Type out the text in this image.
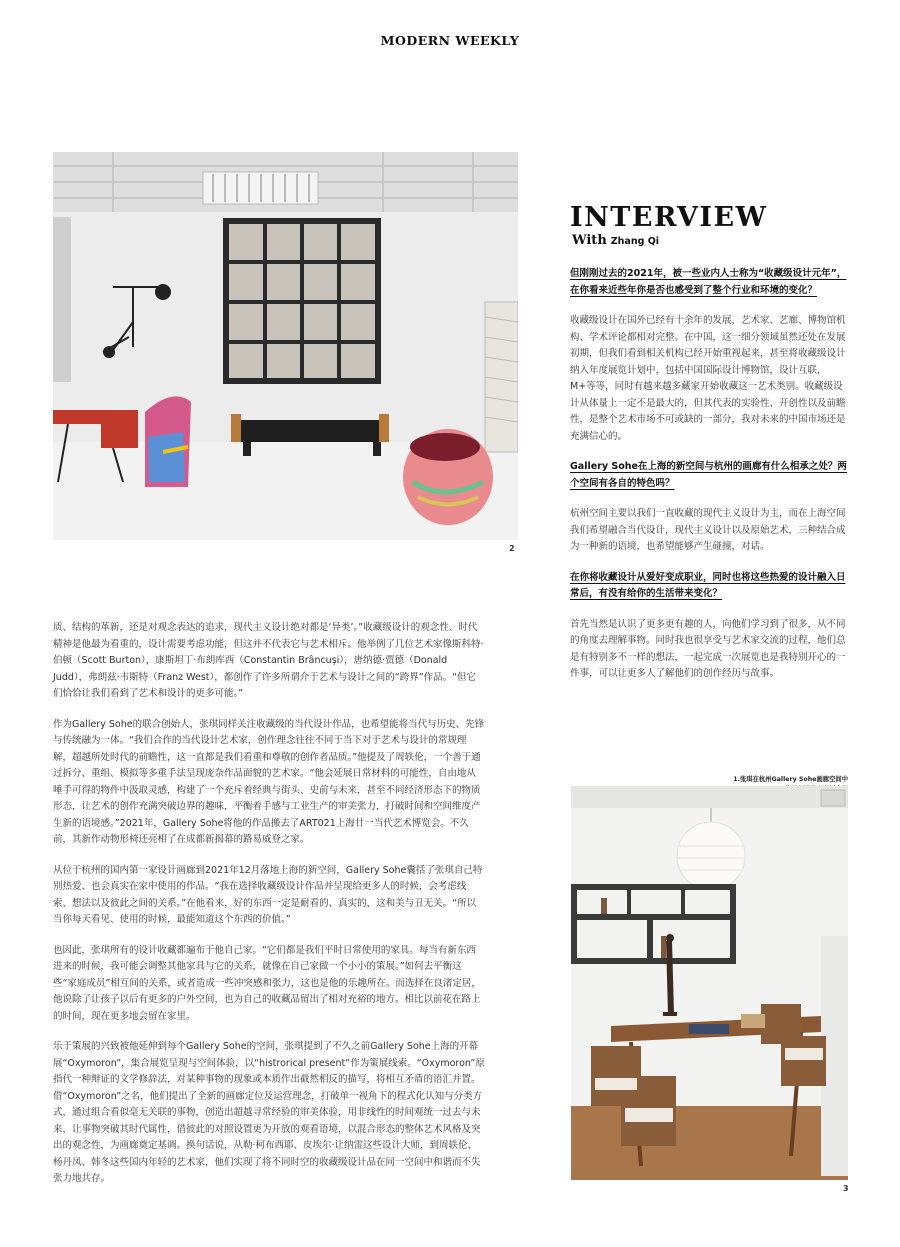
MODERN WEEKLY
2
INTERVIEW
With Zhang Qi

但刚刚过去的2021年，被一些业内人士称为“收藏级设计元年”，在你看来近些年你是否也感受到了整个行业和环境的变化？

收藏级设计在国外已经有十余年的发展，艺术家、艺廊、博物馆机构、学术评论都相对完整。在中国，这一细分领域虽然还处在发展初期，但我们看到相关机构已经开始重视起来，甚至将收藏级设计纳入年度展览计划中，包括中国国际设计博物馆，设计互联，M+等等，同时有越来越多藏家开始收藏这一艺术类别。收藏级设计从体量上一定不是最大的，但其代表的实验性、开创性以及前瞻性，是整个艺术市场不可或缺的一部分，我对未来的中国市场还是充满信心的。

Gallery Sohe在上海的新空间与杭州的画廊有什么相承之处？两个空间有各自的特色吗？

杭州空间主要以我们一直收藏的现代主义设计为主，而在上海空间我们希望融合当代设计，现代主义设计以及原始艺术，三种结合成为一种新的语境，也希望能够产生碰撞，对话。

在你将收藏设计从爱好变成职业，同时也将这些热爱的设计融入日常后，有没有给你的生活带来变化？

首先当然是认识了更多更有趣的人，向他们学习到了很多，从不同的角度去理解事物。同时我也很享受与艺术家交流的过程，他们总是有特别多不一样的想法，一起完成一次展览也是我特别开心的一件事，可以让更多人了解他们的创作经历与故事。

质、结构的革新，还是对观念表达的追求，现代主义设计绝对都是‘异类’。”收藏级设计的观念性、时代精神是他最为看重的，设计需要考虑功能，但这并不代表它与艺术相斥。他举例了几位艺术家像斯科特·伯顿（Scott Burton），康斯坦丁·布朗库西（Constantin Brâncuși），唐纳德·贾德（Donald Judd），弗朗兹·韦斯特（Franz West），都创作了许多所谓介于艺术与设计之间的“跨界”作品。“但它们恰恰让我们看到了艺术和设计的更多可能。”

作为Gallery Sohe的联合创始人，张琪同样关注收藏级的当代设计作品，也希望能将当代与历史、先锋与传统融为一体。“我们合作的当代设计艺术家，创作理念往往不同于当下对于艺术与设计的常规理解，超越所处时代的前瞻性，这一直都是我们看重和尊敬的创作者品质。”他提及了周轶伦，一个善于通过拆分、重组、模拟等多重手法呈现庞杂作品面貌的艺术家。“他会延展日常材料的可能性，自由地从唾手可得的物件中汲取灵感，构建了一个充斥着经典与街头、史前与未来，甚至不同经济形态下的物质形态，让艺术的创作充满突破边界的趣味，平衡着手感与工业生产的审美张力，打破时间和空间维度产生新的语境感。”2021年，Gallery Sohe将他的作品搬去了ART021上海廿一当代艺术博览会。不久前，其新作动物形椅还亮相了在成都新揭幕的路易威登之家。

从位于杭州的国内第一家设计画廊到2021年12月落地上海的新空间，Gallery Sohe囊括了张琪自己特别热爱、也会真实在家中使用的作品。“我在选择收藏级设计作品并呈现给更多人的时候，会考虑线索、想法以及彼此之间的关系。”在他看来，好的东西一定是耐看的、真实的，这和美与丑无关。“所以当你每天看见、使用的时候，最能知道这个东西的价值。”

也因此，张琪所有的设计收藏都遍布于他自己家。“它们都是我们平时日常使用的家具。每当有新东西进来的时候，我可能会调整其他家具与它的关系，就像在自己家做一个小小的策展。”如何去平衡这些“家庭成员”相互间的关系，或者造成一些冲突感和张力，这也是他的乐趣所在。而选择在良渚定居，他说除了让孩子以后有更多的户外空间，也为自己的收藏品留出了相对充裕的地方。相比以前花在路上的时间，现在更多地会留在家里。

乐于策展的兴致被他延伸到每个Gallery Sohe的空间，张琪提到了不久之前Gallery Sohe上海的开幕展“Oxymoron”，集合展览呈现与空间体验，以“histrorical present”作为策展线索。“Oxymoron”原指代一种辩证的文学修辞法，对某种事物的现象或本质作出截然相反的描写，将相互矛盾的语汇并置。借“Oxymoron”之名，他们提出了全新的画廊定位及运营理念，打破单一视角下的程式化认知与分类方式，通过组合看似毫无关联的事物，创造出超越寻常经验的审美体验，用非线性的时间观统一过去与未来，让事物突破其时代属性，借彼此的对照设置更为开放的观看语境，以混合形态的整体艺术风格及突出的观念性，为画廊奠定基调。换句话说，从勒·柯布西耶、皮埃尔·让纳雷这些设计大师，到周轶伦、杨丹凤、韩冬这些国内年轻的艺术家，他们实现了将不同时空的收藏级设计品在同一空间中和谐而不失张力地共存。

1.张琪在杭州Gallery Sohe画廊空间中
3
